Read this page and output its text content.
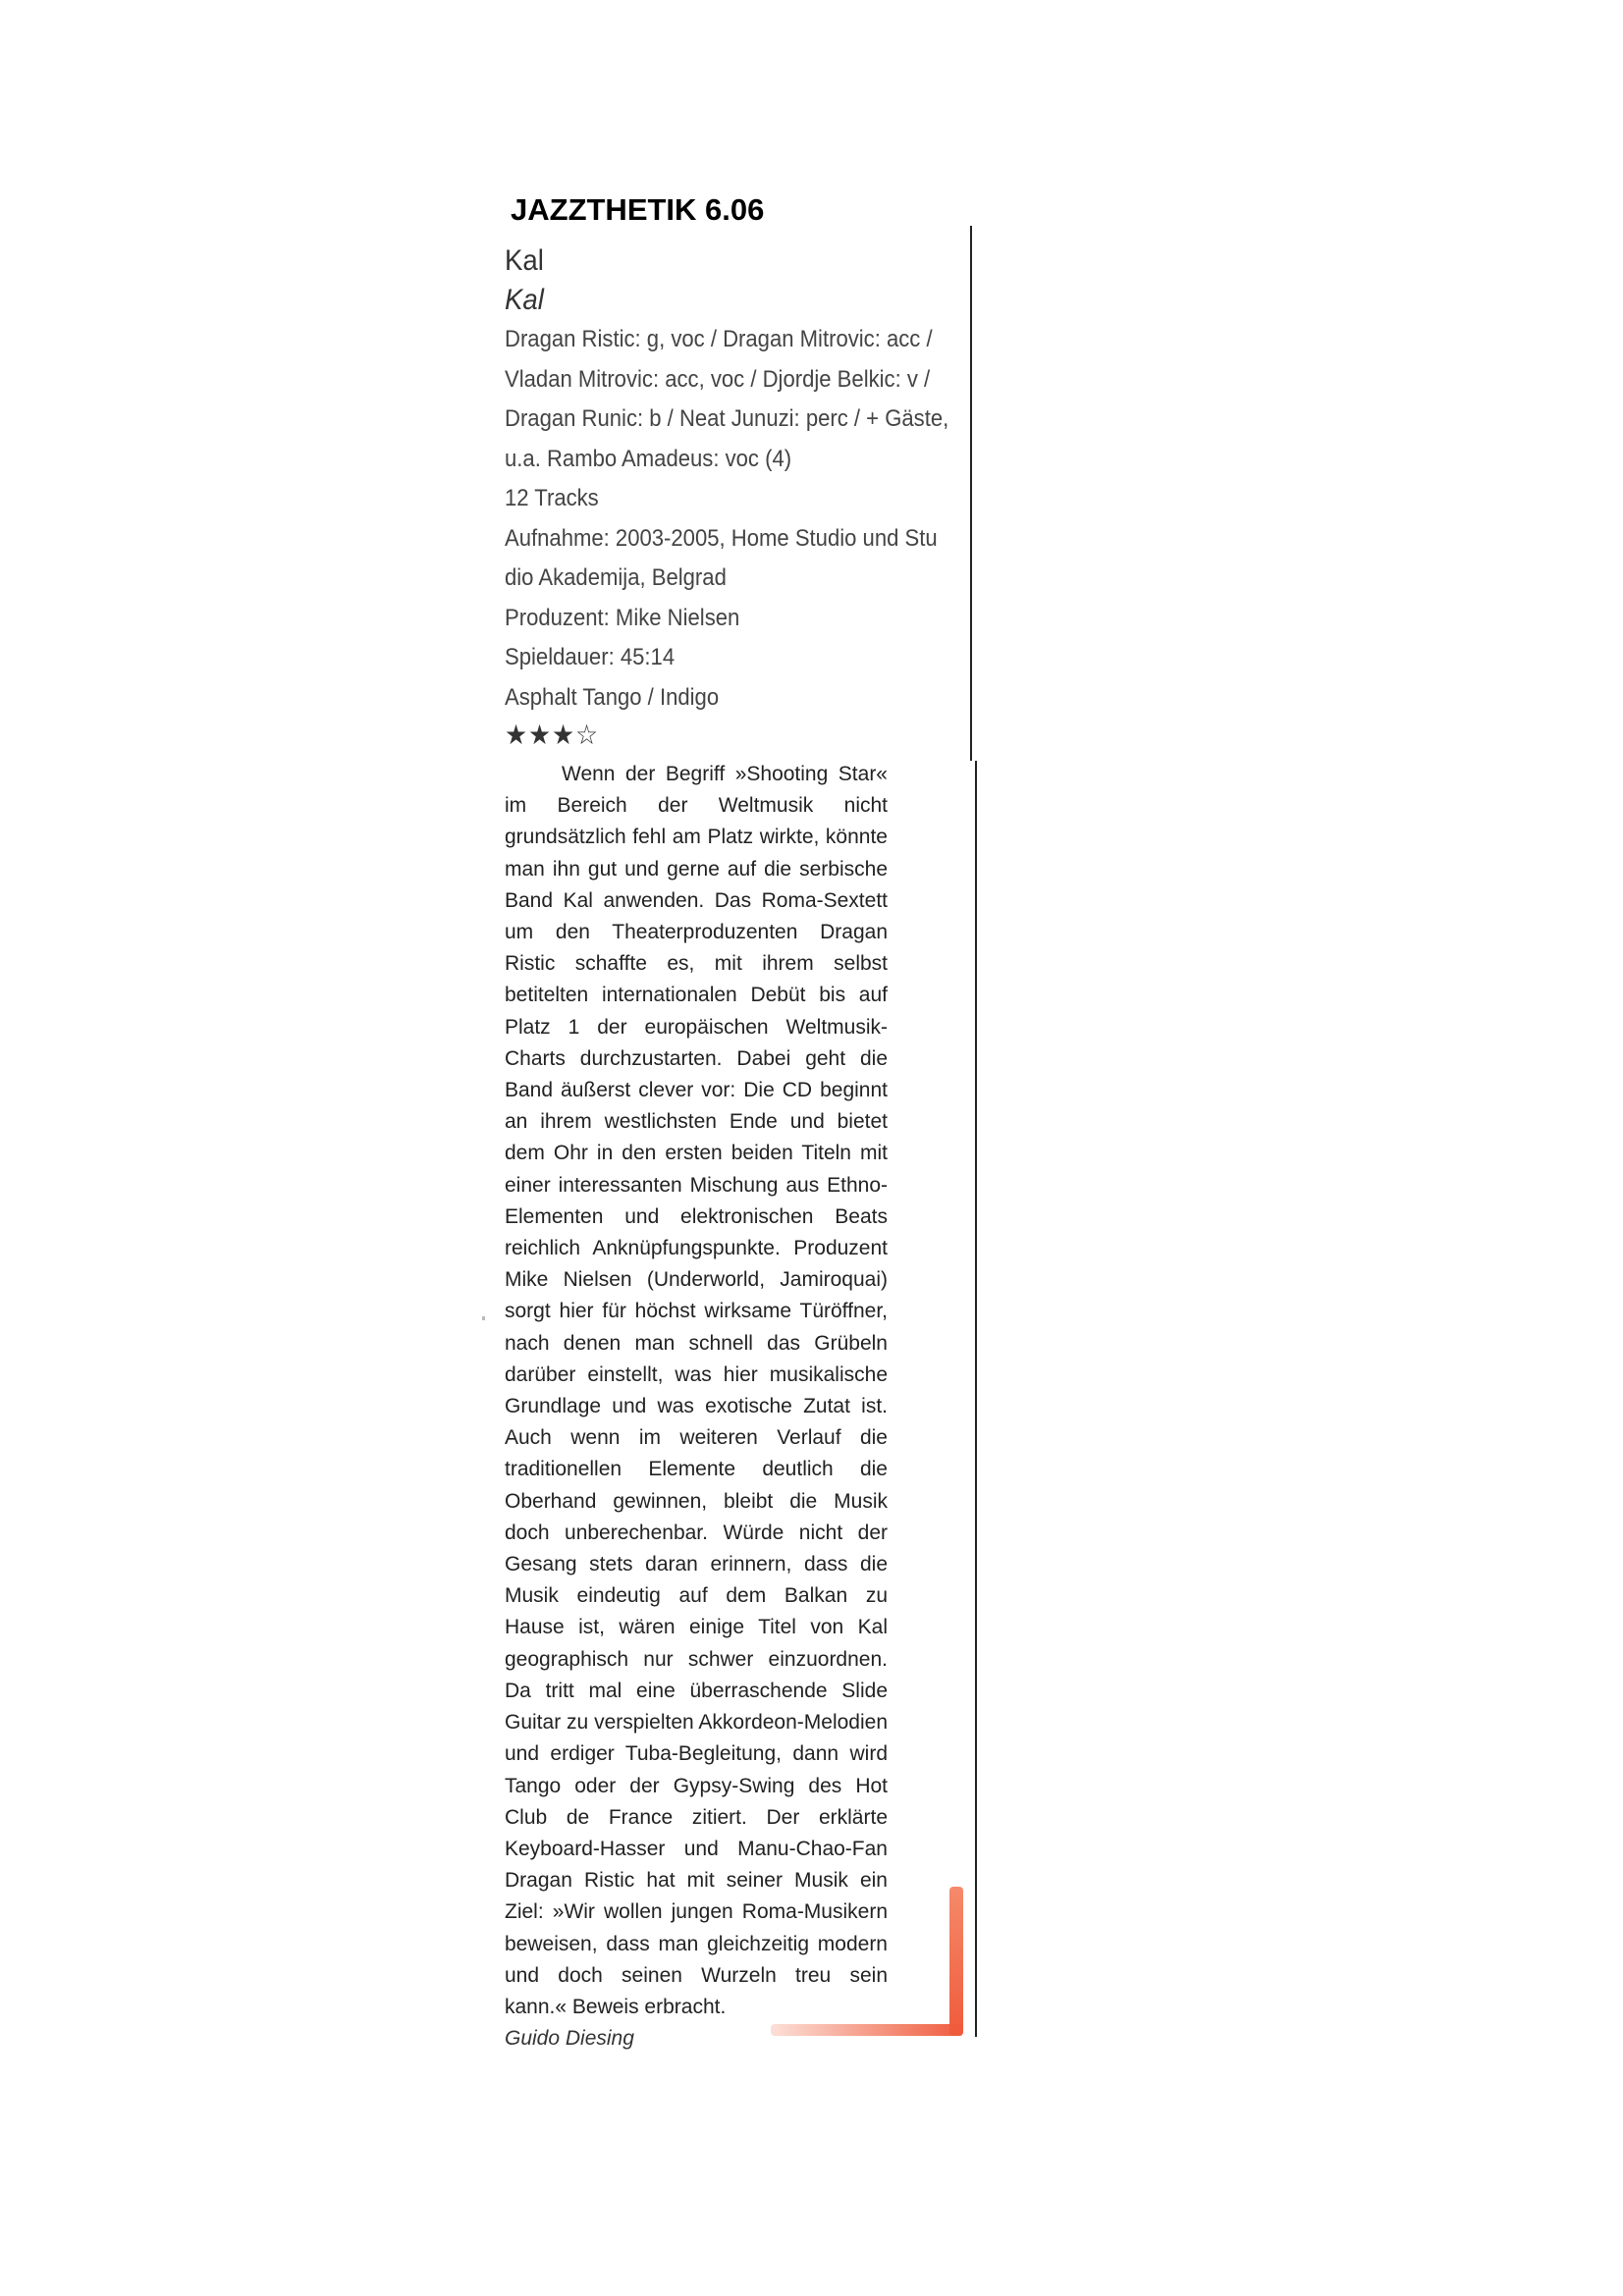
JAZZTHETIK 6.06
Kal
Kal
Dragan Ristic: g, voc / Dragan Mitrovic: acc /
Vladan Mitrovic: acc, voc / Djordje Belkic: v /
Dragan Runic: b / Neat Junuzi: perc / + Gäste,
u.a. Rambo Amadeus: voc (4)
12 Tracks
Aufnahme: 2003-2005, Home Studio und Stu
dio Akademija, Belgrad
Produzent: Mike Nielsen
Spieldauer: 45:14
Asphalt Tango / Indigo
★★★☆

Wenn der Begriff »Shooting Star« im Bereich der Weltmusik nicht grundsätzlich fehl am Platz wirkte, könnte man ihn gut und gerne auf die serbische Band Kal anwenden. Das Roma-Sextett um den Theaterproduzenten Dragan Ristic schaffte es, mit ihrem selbst betitelten internationalen Debüt bis auf Platz 1 der europäischen Weltmusik-Charts durchzustarten. Dabei geht die Band äußerst clever vor: Die CD beginnt an ihrem westlichsten Ende und bietet dem Ohr in den ersten beiden Titeln mit einer interessanten Mischung aus Ethno-Elementen und elektronischen Beats reichlich Anknüpfungspunkte. Produzent Mike Nielsen (Underworld, Jamiroquai) sorgt hier für höchst wirksame Türöffner, nach denen man schnell das Grübeln darüber einstellt, was hier musikalische Grundlage und was exotische Zutat ist. Auch wenn im weiteren Verlauf die traditionellen Elemente deutlich die Oberhand gewinnen, bleibt die Musik doch unberechenbar. Würde nicht der Gesang stets daran erinnern, dass die Musik eindeutig auf dem Balkan zu Hause ist, wären einige Titel von Kal geographisch nur schwer einzuordnen. Da tritt mal eine überraschende Slide Guitar zu verspielten Akkordeon-Melodien und erdiger Tuba-Begleitung, dann wird Tango oder der Gypsy-Swing des Hot Club de France zitiert. Der erklärte Keyboard-Hasser und Manu-Chao-Fan Dragan Ristic hat mit seiner Musik ein Ziel: »Wir wollen jungen Roma-Musikern beweisen, dass man gleichzeitig modern und doch seinen Wurzeln treu sein kann.« Beweis erbracht.

Guido Diesing
